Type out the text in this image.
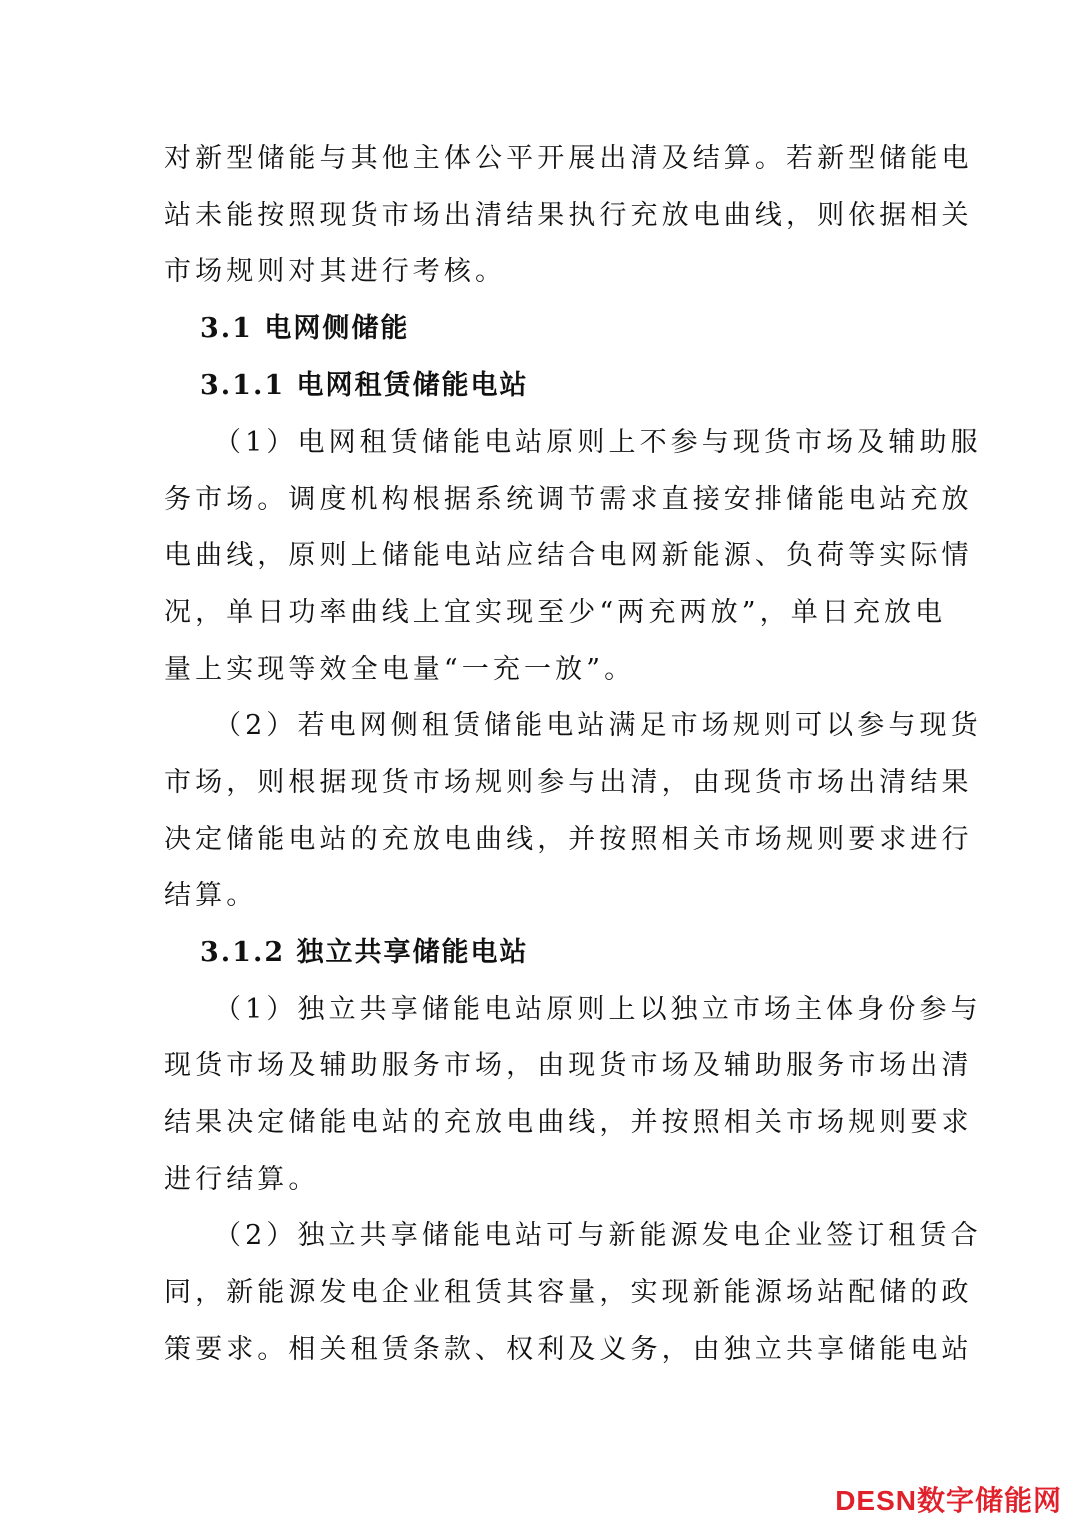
对新型储能与其他主体公平开展出清及结算。若新型储能电
站未能按照现货市场出清结果执行充放电曲线，则依据相关
市场规则对其进行考核。
3.1 电网侧储能
3.1.1 电网租赁储能电站
（1）电网租赁储能电站原则上不参与现货市场及辅助服
务市场。调度机构根据系统调节需求直接安排储能电站充放
电曲线，原则上储能电站应结合电网新能源、负荷等实际情
况，单日功率曲线上宜实现至少“两充两放”，单日充放电
量上实现等效全电量“一充一放”。
（2）若电网侧租赁储能电站满足市场规则可以参与现货
市场，则根据现货市场规则参与出清，由现货市场出清结果
决定储能电站的充放电曲线，并按照相关市场规则要求进行
结算。
3.1.2 独立共享储能电站
（1）独立共享储能电站原则上以独立市场主体身份参与
现货市场及辅助服务市场，由现货市场及辅助服务市场出清
结果决定储能电站的充放电曲线，并按照相关市场规则要求
进行结算。
（2）独立共享储能电站可与新能源发电企业签订租赁合
同，新能源发电企业租赁其容量，实现新能源场站配储的政
策要求。相关租赁条款、权利及义务，由独立共享储能电站
DESN数字储能网
